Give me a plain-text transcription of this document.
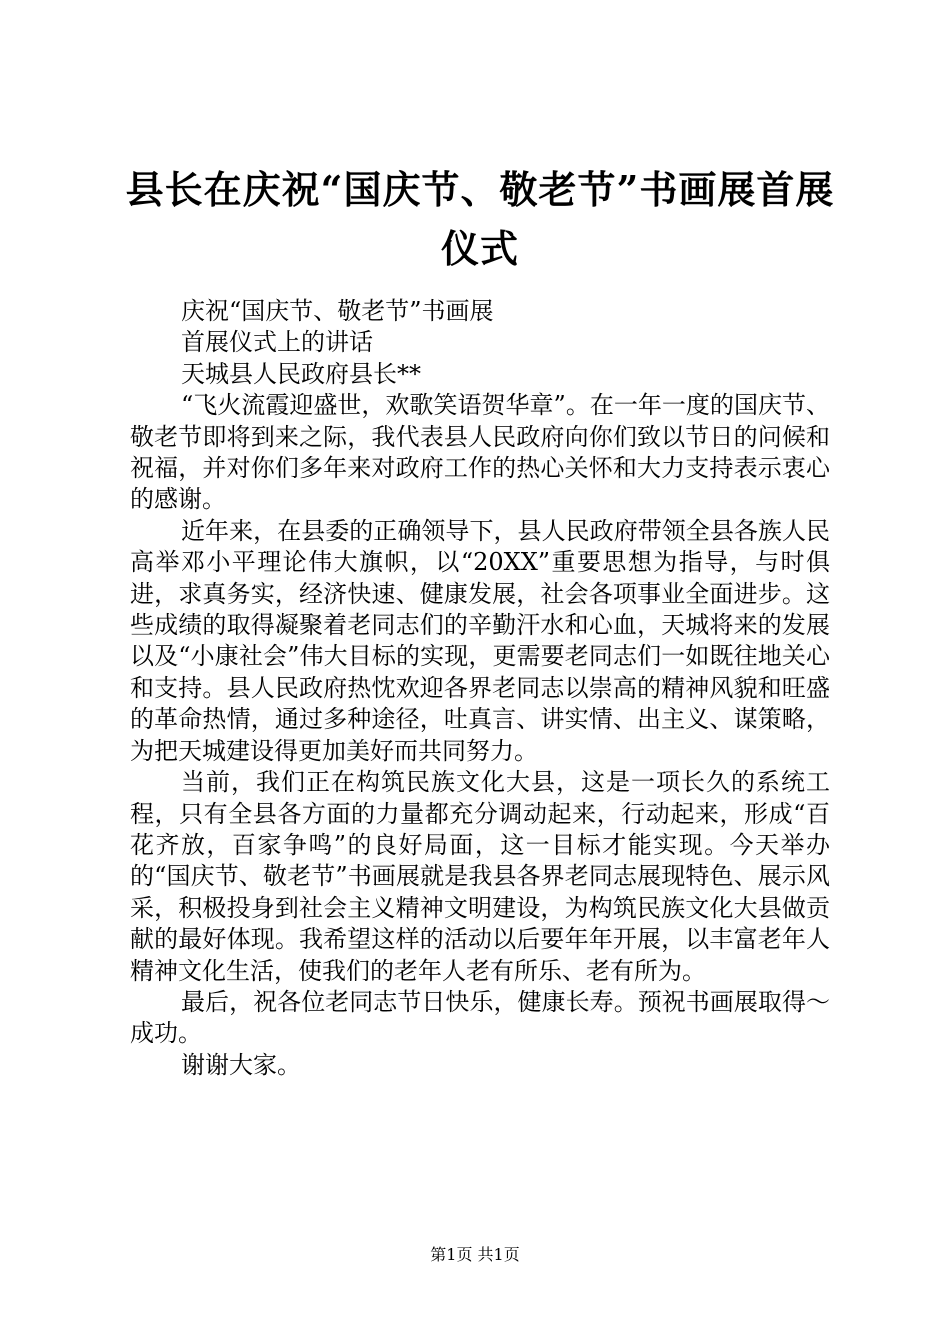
县长在庆祝“国庆节、敬老节”书画展首展仪式
庆祝“国庆节、敬老节”书画展
首展仪式上的讲话
天城县人民政府县长**

“飞火流霞迎盛世，欢歌笑语贺华章”。在一年一度的国庆节、敬老节即将到来之际，我代表县人民政府向你们致以节日的问候和祝福，并对你们多年来对政府工作的热心关怀和大力支持表示衷心的感谢。

近年来，在县委的正确领导下，县人民政府带领全县各族人民高举邓小平理论伟大旗帜，以“20XX”重要思想为指导，与时俱进，求真务实，经济快速、健康发展，社会各项事业全面进步。这些成绩的取得凝聚着老同志们的辛勤汗水和心血，天城将来的发展以及“小康社会”伟大目标的实现，更需要老同志们一如既往地关心和支持。县人民政府热忱欢迎各界老同志以崇高的精神风貌和旺盛的革命热情，通过多种途径，吐真言、讲实情、出主义、谋策略，为把天城建设得更加美好而共同努力。

当前，我们正在构筑民族文化大县，这是一项长久的系统工程，只有全县各方面的力量都充分调动起来，行动起来，形成“百花齐放，百家争鸣”的良好局面，这一目标才能实现。今天举办的“国庆节、敬老节”书画展就是我县各界老同志展现特色、展示风采，积极投身到社会主义精神文明建设，为构筑民族文化大县做贡献的最好体现。我希望这样的活动以后要年年开展，以丰富老年人精神文化生活，使我们的老年人老有所乐、老有所为。

最后，祝各位老同志节日快乐，健康长寿。预祝书画展取得～成功。

谢谢大家。

第1页 共1页
